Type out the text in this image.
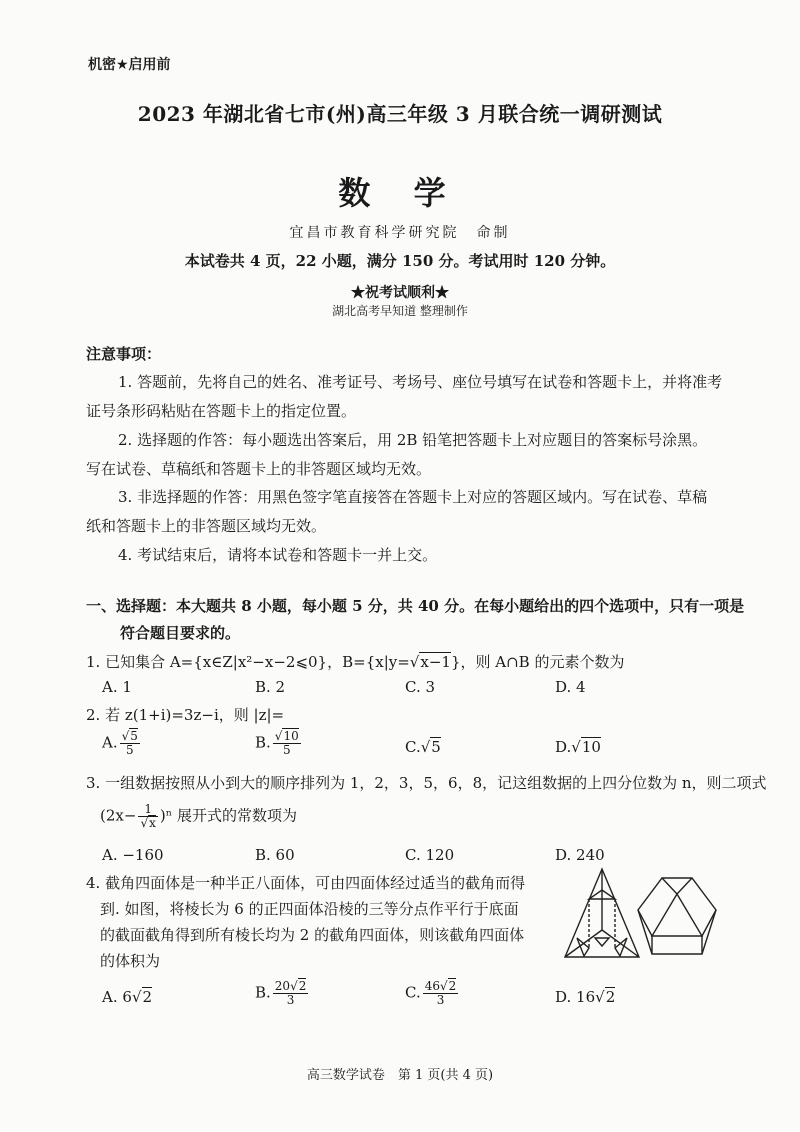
机密★启用前
2023 年湖北省七市(州)高三年级 3 月联合统一调研测试
数 学
宜昌市教育科学研究院　命制
本试卷共 4 页，22 小题，满分 150 分。考试用时 120 分钟。
★祝考试顺利★
湖北高考早知道 整理制作
注意事项：
1. 答题前，先将自己的姓名、准考证号、考场号、座位号填写在试卷和答题卡上，并将准考
证号条形码粘贴在答题卡上的指定位置。
2. 选择题的作答：每小题选出答案后，用 2B 铅笔把答题卡上对应题目的答案标号涂黑。
写在试卷、草稿纸和答题卡上的非答题区域均无效。
3. 非选择题的作答：用黑色签字笔直接答在答题卡上对应的答题区域内。写在试卷、草稿
纸和答题卡上的非答题区域均无效。
4. 考试结束后，请将本试卷和答题卡一并上交。
一、选择题：本大题共 8 小题，每小题 5 分，共 40 分。在每小题给出的四个选项中，只有一项是
符合题目要求的。
1. 已知集合 A={x∈Z|x²−x−2⩽0}，B={x|y= √ x−1}，则 A∩B 的元素个数为
A. 1	B. 2	C. 3	D. 4
2. 若 z(1+i)=3z−i，则 |z|=
A. √ $\frac{5}{5}$	B. √ $\frac{10}{5}$	C. √ 5	D. √ 10
3. 一组数据按照从小到大的顺序排列为 1，2，3，5，6，8，记这组数据的上四分位数为 n，则二项式
(2x− 1
√ x )ⁿ 展开式的常数项为
A. −160	B. 60	C. 120	D. 240
4. 截角四面体是一种半正八面体，可由四面体经过适当的截角而得
到. 如图，将棱长为 6 的正四面体沿棱的三等分点作平行于底面
的截面截角得到所有棱长均为 2 的截角四面体，则该截角四面体
的体积为
A. 6 √ 2	B. $\frac{20 √ 2}{3}$	C. $\frac{46 √ 2}{3}$	D. 16 √ 2
高三数学试卷　第 1 页(共 4 页)
